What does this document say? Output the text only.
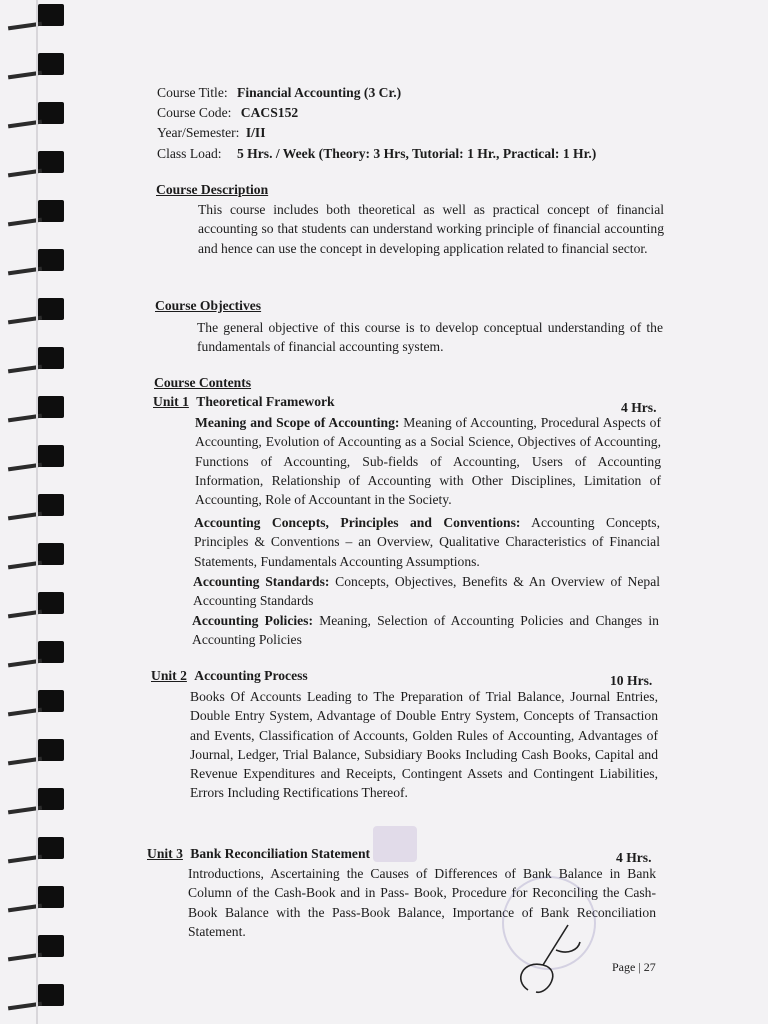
Course Title: Financial Accounting (3 Cr.)
Course Code: CACS152
Year/Semester: I/II
Class Load: 5 Hrs. / Week (Theory: 3 Hrs, Tutorial: 1 Hr., Practical: 1 Hr.)
Course Description
This course includes both theoretical as well as practical concept of financial accounting so that students can understand working principle of financial accounting and hence can use the concept in developing application related to financial sector.
Course Objectives
The general objective of this course is to develop conceptual understanding of the fundamentals of financial accounting system.
Course Contents
Unit 1 Theoretical Framework	4 Hrs.
Meaning and Scope of Accounting: Meaning of Accounting, Procedural Aspects of Accounting, Evolution of Accounting as a Social Science, Objectives of Accounting, Functions of Accounting, Sub-fields of Accounting, Users of Accounting Information, Relationship of Accounting with Other Disciplines, Limitation of Accounting, Role of Accountant in the Society.
Accounting Concepts, Principles and Conventions: Accounting Concepts, Principles & Conventions – an Overview, Qualitative Characteristics of Financial Statements, Fundamentals Accounting Assumptions.
Accounting Standards: Concepts, Objectives, Benefits & An Overview of Nepal Accounting Standards
Accounting Policies: Meaning, Selection of Accounting Policies and Changes in Accounting Policies
Unit 2 Accounting Process	10 Hrs.
Books Of Accounts Leading to The Preparation of Trial Balance, Journal Entries, Double Entry System, Advantage of Double Entry System, Concepts of Transaction and Events, Classification of Accounts, Golden Rules of Accounting, Advantages of Journal, Ledger, Trial Balance, Subsidiary Books Including Cash Books, Capital and Revenue Expenditures and Receipts, Contingent Assets and Contingent Liabilities, Errors Including Rectifications Thereof.
Unit 3 Bank Reconciliation Statement	4 Hrs.
Introductions, Ascertaining the Causes of Differences of Bank Balance in Bank Column of the Cash-Book and in Pass- Book, Procedure for Reconciling the Cash- Book Balance with the Pass-Book Balance, Importance of Bank Reconciliation Statement.
Page | 27
